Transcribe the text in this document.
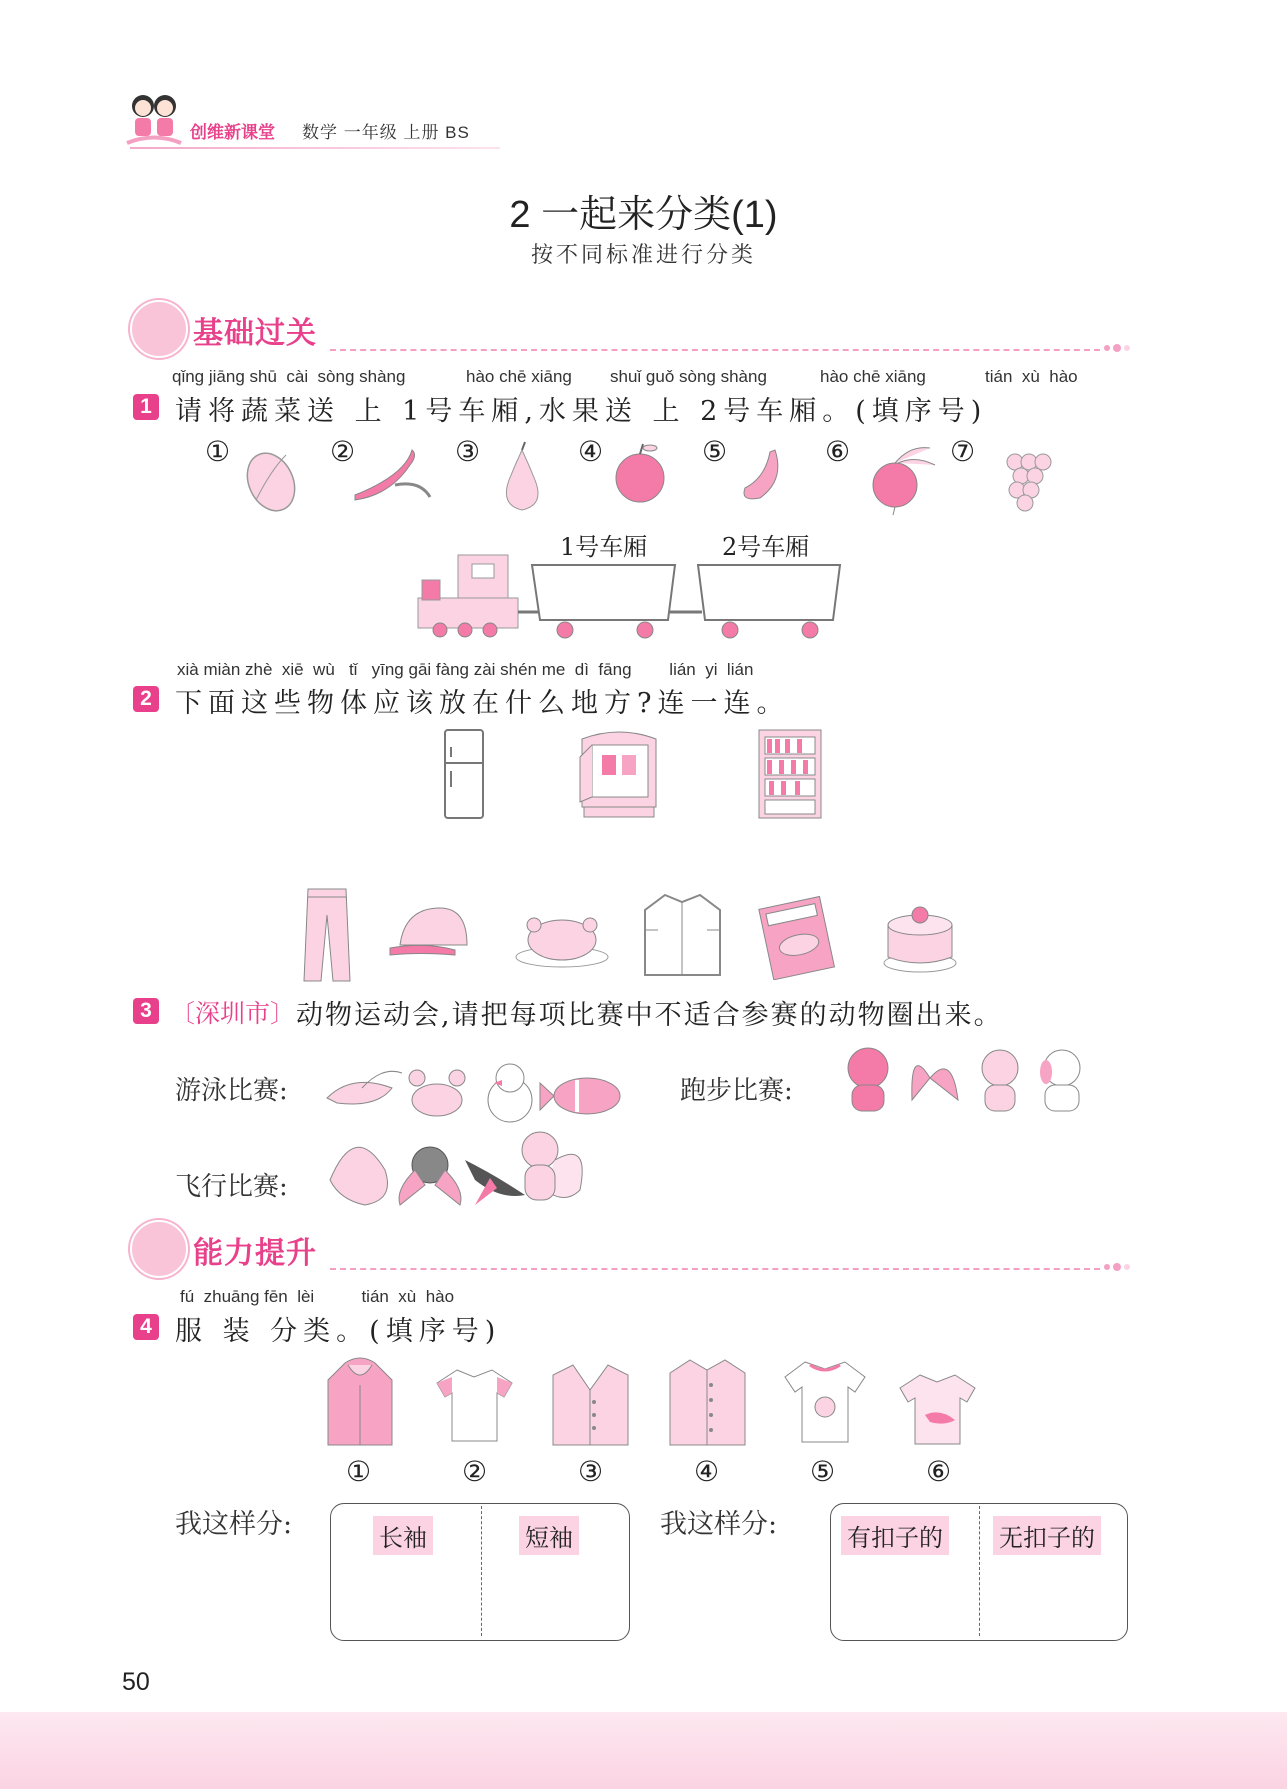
创维新课堂 数学 一年级 上册 BS
2 一起来分类(1)
按不同标准进行分类
基础过关
qǐng jiāng shū  cài  sòng shàng	hào chē xiāng shuǐ guǒ sòng shàng	hào chē xiāng	tián  xù  hào
1 请将蔬菜送 上 1号车厢,水果送 上 2号车厢。(填序号)
①	②	③	④	⑤	⑥	⑦
1号车厢	2号车厢
xià miàn zhè  xiē  wù   tǐ   yīng gāi fàng zài shén me  dì  fāng        lián  yi  lián
2 下面这些物体应该放在什么地方?连一连。
3 〔深圳市〕 动物运动会,请把每项比赛中不适合参赛的动物圈出来。
游泳比赛:	跑步比赛:
飞行比赛:
能力提升
fú  zhuāng fēn  lèi          tián  xù  hào
4 服 装 分类。(填序号)
①	②	③	④	⑤	⑥
我这样分:	长袖	短袖	我这样分:	有扣子的 无扣子的
50
